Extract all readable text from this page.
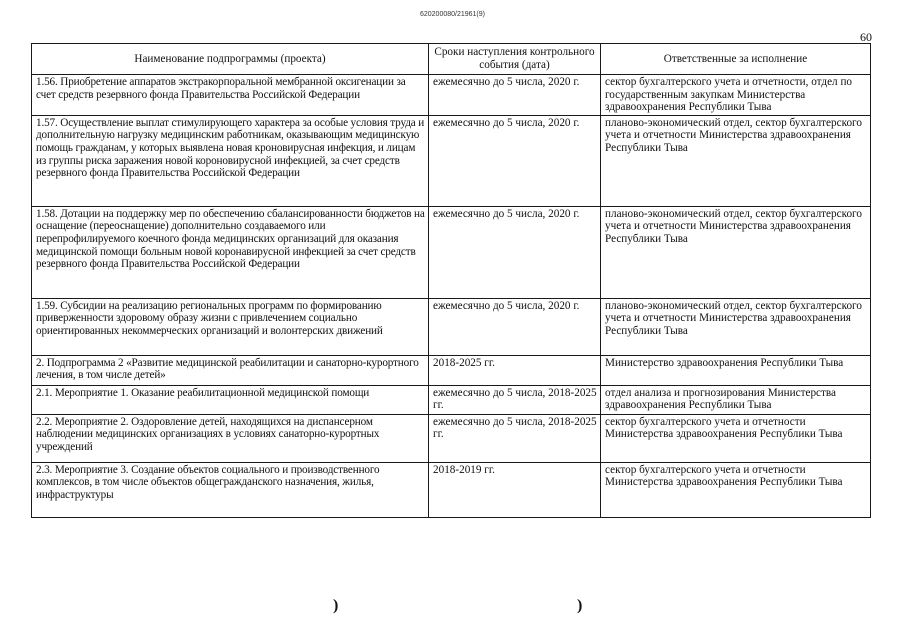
620200080/21961(9)
60
Наименование подпрограммы (проекта)	Сроки наступления контрольного события (дата)	Ответственные за исполнение
1.56. Приобретение аппаратов экстракорпоральной мембранной оксигенации за счет средств резервного фонда Правительства Российской Федерации	ежемесячно до 5 числа, 2020 г.	сектор бухгалтерского учета и отчетности, отдел по государственным закупкам Министерства здравоохранения Республики Тыва
1.57. Осуществление выплат стимулирующего характера за особые условия труда и дополнительную нагрузку медицинским работникам, оказывающим медицинскую помощь гражданам, у которых выявлена новая кроновирусная инфекция, и лицам из группы риска заражения новой короновирусной инфекцией, за счет средств резервного фонда Правительства Российской Федерации	ежемесячно до 5 числа, 2020 г.	планово-экономический отдел, сектор бухгалтерского учета и отчетности Министерства здравоохранения Республики Тыва
1.58. Дотации на поддержку мер по обеспечению сбалансированности бюджетов на оснащение (переоснащение) дополнительно создаваемого или перепрофилируемого коечного фонда медицинских организаций для оказания медицинской помощи больным новой коронавирусной инфекцией за счет средств резервного фонда Правительства Российской Федерации	ежемесячно до 5 числа, 2020 г.	планово-экономический отдел, сектор бухгалтерского учета и отчетности Министерства здравоохранения Республики Тыва
1.59. Субсидии на реализацию региональных программ по формированию приверженности здоровому образу жизни с привлечением социально ориентированных некоммерческих организаций и волонтерских движений	ежемесячно до 5 числа, 2020 г.	планово-экономический отдел, сектор бухгалтерского учета и отчетности Министерства здравоохранения Республики Тыва
2. Подпрограмма 2 «Развитие медицинской реабилитации и санаторно-курортного лечения, в том числе детей»	2018-2025 гг.	Министерство здравоохранения Республики Тыва
2.1. Мероприятие 1. Оказание реабилитационной медицинской помощи	ежемесячно до 5 числа, 2018-2025 гг.	отдел анализа и прогнозирования Министерства здравоохранения Республики Тыва
2.2. Мероприятие 2. Оздоровление детей, находящихся на диспансерном наблюдении медицинских организациях в условиях санаторно-курортных учреждений	ежемесячно до 5 числа, 2018-2025 гг.	сектор бухгалтерского учета и отчетности Министерства здравоохранения Республики Тыва
2.3. Мероприятие 3. Создание объектов социального и производственного комплексов, в том числе объектов общегражданского назначения, жилья, инфраструктуры	2018-2019 гг.	сектор бухгалтерского учета и отчетности Министерства здравоохранения Республики Тыва
)	)
